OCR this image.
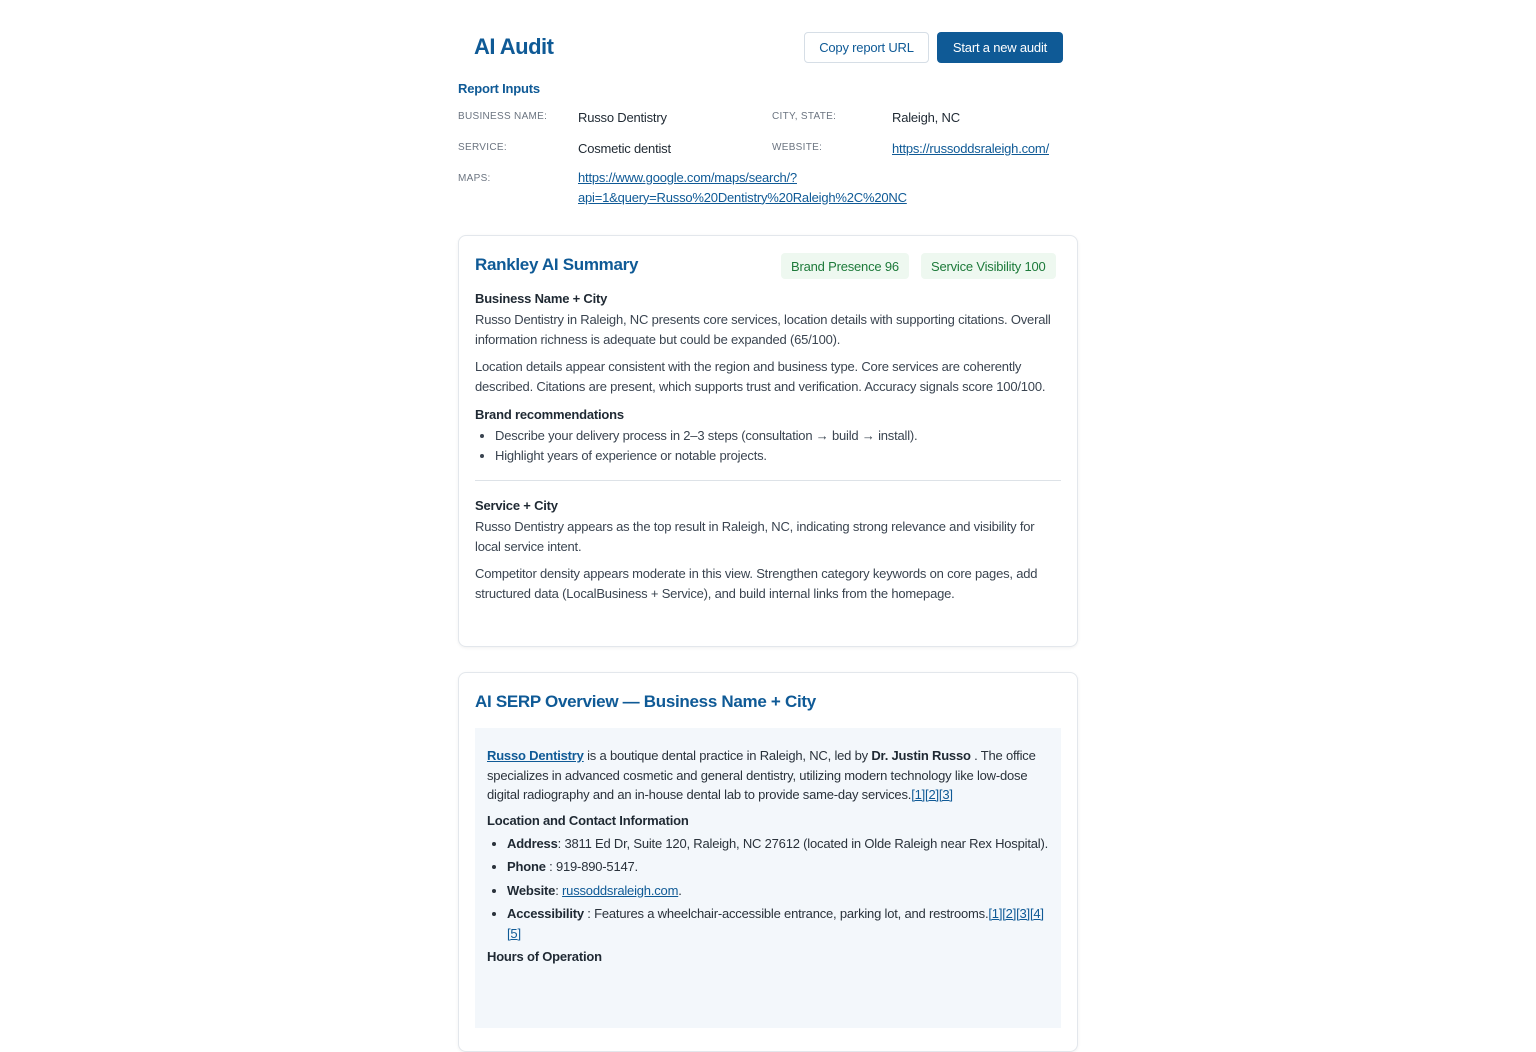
AI Audit	Copy report URL	Start a new audit
Report Inputs
BUSINESS NAME: Russo Dentistry	CITY, STATE:	Raleigh, NC
SERVICE:	Cosmetic dentist	WEBSITE:	https://russoddsraleigh.com/
MAPS:	https://www.google.com/maps/search/?
api=1&query=Russo%20Dentistry%20Raleigh%2C%20NC
Rankley AI Summary	Brand Presence 96	Service Visibility 100
Business Name + City

Russo Dentistry in Raleigh, NC presents core services, location details with supporting citations. Overall information richness is adequate but could be expanded (65/100).

Location details appear consistent with the region and business type. Core services are coherently described. Citations are present, which supports trust and verification. Accuracy signals score 100/100.

Brand recommendations
• Describe your delivery process in 2–3 steps (consultation → build → install).
• Highlight years of experience or notable projects.
Service + City

Russo Dentistry appears as the top result in Raleigh, NC, indicating strong relevance and visibility for local service intent.

Competitor density appears moderate in this view. Strengthen category keywords on core pages, add structured data (LocalBusiness + Service), and build internal links from the homepage.

AI SERP Overview — Business Name + City

Russo Dentistry is a boutique dental practice in Raleigh, NC, led by Dr. Justin Russo . The office specializes in advanced cosmetic and general dentistry, utilizing modern technology like low-dose digital radiography and an in-house dental lab to provide same-day services.[1][2][3]

Location and Contact Information
• Address: 3811 Ed Dr, Suite 120, Raleigh, NC 27612 (located in Olde Raleigh near Rex Hospital).
• Phone : 919-890-5147.
• Website: russoddsraleigh.com.
• Accessibility : Features a wheelchair-accessible entrance, parking lot, and restrooms.[1][2][3][4][5]
Hours of Operation
